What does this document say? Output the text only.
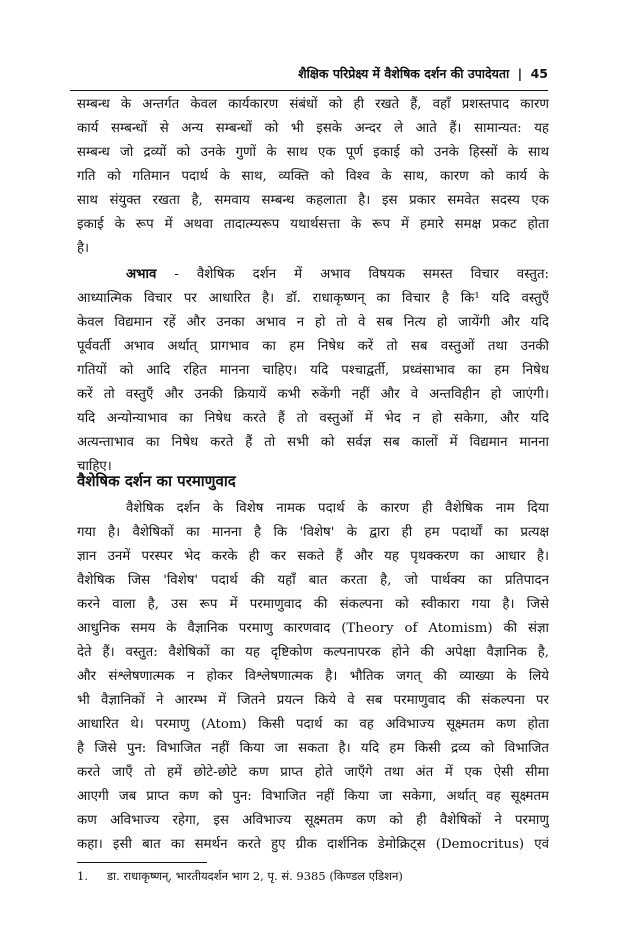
शैक्षिक परिप्रेक्ष्य में वैशेषिक दर्शन की उपादेयता | 45
सम्बन्ध के अन्तर्गत केवल कार्यकारण संबंधों को ही रखते हैं, वहाँ प्रशस्तपाद कारण
कार्य सम्बन्धों से अन्य सम्बन्धों को भी इसके अन्दर ले आते हैं। सामान्यत: यह
सम्बन्ध जो द्रव्यों को उनके गुणों के साथ एक पूर्ण इकाई को उनके हिस्सों के साथ
गति को गतिमान पदार्थ के साथ, व्यक्ति को विश्व के साथ, कारण को कार्य के
साथ संयुक्त रखता है, समवाय सम्बन्ध कहलाता है। इस प्रकार समवेत सदस्य एक
इकाई के रूप में अथवा तादात्म्यरूप यथार्थसत्ता के रूप में हमारे समक्ष प्रकट होता
है।
अभाव - वैशेषिक दर्शन में अभाव विषयक समस्त विचार वस्तुत:
आध्यात्मिक विचार पर आधारित है। डॉ. राधाकृष्णन् का विचार है कि¹ यदि वस्तुएँ
केवल विद्यमान रहें और उनका अभाव न हो तो वे सब नित्य हो जायेंगी और यदि
पूर्ववर्ती अभाव अर्थात् प्रागभाव का हम निषेध करें तो सब वस्तुओं तथा उनकी
गतियों को आदि रहित मानना चाहिए। यदि पश्चाद्वर्ती, प्रध्वंसाभाव का हम निषेध
करें तो वस्तुएँ और उनकी क्रियायें कभी रुकेंगी नहीं और वे अन्तविहीन हो जाएंगी।
यदि अन्योन्याभाव का निषेध करते हैं तो वस्तुओं में भेद न हो सकेगा, और यदि
अत्यन्ताभाव का निषेध करते हैं तो सभी को सर्वज्ञ सब कालों में विद्यमान मानना
चाहिए।
वैशेषिक दर्शन का परमाणुवाद
वैशेषिक दर्शन के विशेष नामक पदार्थ के कारण ही वैशेषिक नाम दिया
गया है। वैशेषिकों का मानना है कि 'विशेष' के द्वारा ही हम पदार्थों का प्रत्यक्ष
ज्ञान उनमें परस्पर भेद करके ही कर सकते हैं और यह पृथक्करण का आधार है।
वैशेषिक जिस 'विशेष' पदार्थ की यहाँ बात करता है, जो पार्थक्य का प्रतिपादन
करने वाला है, उस रूप में परमाणुवाद की संकल्पना को स्वीकारा गया है। जिसे
आधुनिक समय के वैज्ञानिक परमाणु कारणवाद (Theory of Atomism) की संज्ञा
देते हैं। वस्तुत: वैशेषिकों का यह दृष्टिकोण कल्पनापरक होने की अपेक्षा वैज्ञानिक है,
और संश्लेषणात्मक न होकर विश्लेषणात्मक है। भौतिक जगत् की व्याख्या के लिये
भी वैज्ञानिकों ने आरम्भ में जितने प्रयत्न किये वे सब परमाणुवाद की संकल्पना पर
आधारित थे। परमाणु (Atom) किसी पदार्थ का वह अविभाज्य सूक्ष्मतम कण होता
है जिसे पुन: विभाजित नहीं किया जा सकता है। यदि हम किसी द्रव्य को विभाजित
करते जाएँ तो हमें छोटे-छोटे कण प्राप्त होते जाएँगे तथा अंत में एक ऐसी सीमा
आएगी जब प्राप्त कण को पुन: विभाजित नहीं किया जा सकेगा, अर्थात् वह सूक्ष्मतम
कण अविभाज्य रहेगा, इस अविभाज्य सूक्ष्मतम कण को ही वैशेषिकों ने परमाणु
कहा। इसी बात का समर्थन करते हुए ग्रीक दार्शनिक डेमोक्रिट्स (Democritus) एवं
1. डा. राधाकृष्णन्, भारतीयदर्शन भाग 2, पृ. सं. 9385 (किण्डल एडिशन)
